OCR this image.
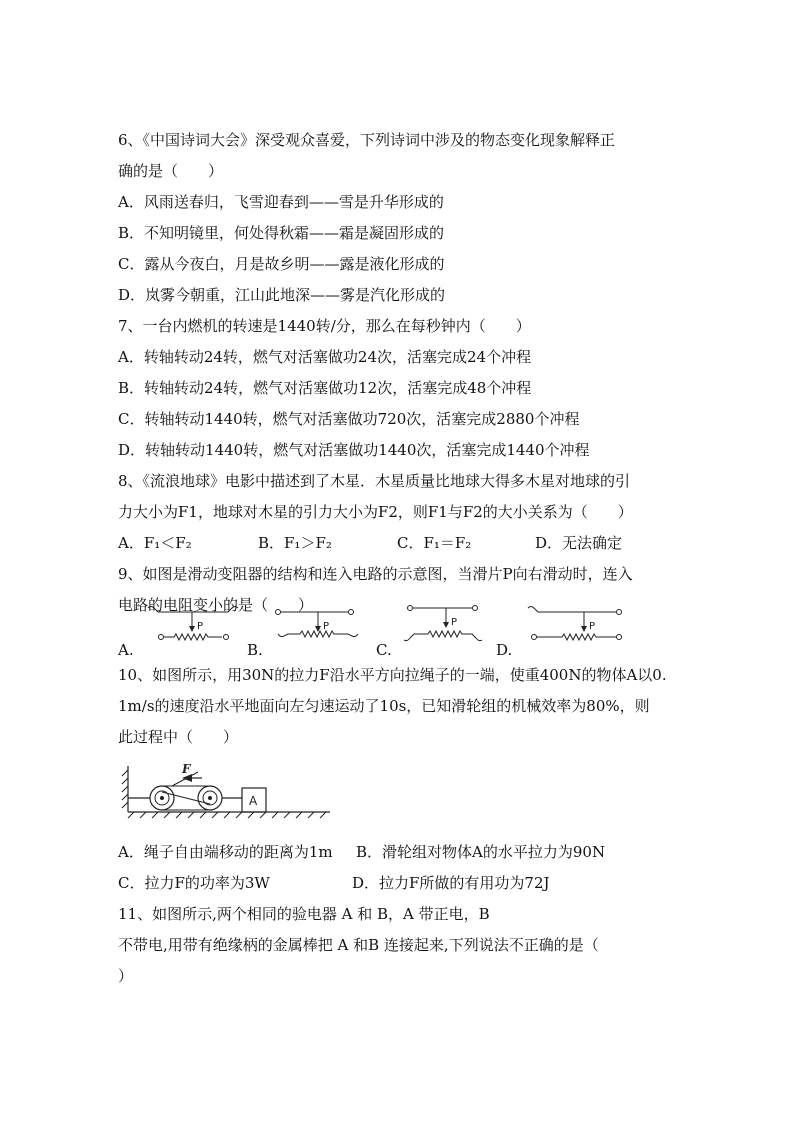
6、《中国诗词大会》深受观众喜爱，下列诗词中涉及的物态变化现象解释正
确的是（　　）
A．风雨送春归，飞雪迎春到——雪是升华形成的
B．不知明镜里，何处得秋霜——霜是凝固形成的
C．露从今夜白，月是故乡明——露是液化形成的
D．岚雾今朝重，江山此地深——雾是汽化形成的
7、一台内燃机的转速是1440转/分，那么在每秒钟内（　　）
A．转轴转动24转，燃气对活塞做功24次，活塞完成24个冲程
B．转轴转动24转，燃气对活塞做功12次，活塞完成48个冲程
C．转轴转动1440转，燃气对活塞做功720次，活塞完成2880个冲程
D．转轴转动1440转，燃气对活塞做功1440次，活塞完成1440个冲程
8、《流浪地球》电影中描述到了木星．木星质量比地球大得多木星对地球的引
力大小为F1，地球对木星的引力大小为F2，则F1与F2的大小关系为（　　）
A．F₁＜F₂	B．F₁＞F₂	C．F₁＝F₂	D．无法确定
9、如图是滑动变阻器的结构和连入电路的示意图，当滑片P向右滑动时，连入
电路的电阻变小的是（　　）
A.	B.	C.	D.
P	P	P	P
10、如图所示，用30N的拉力F沿水平方向拉绳子的一端，使重400N的物体A以0.
1m/s的速度沿水平地面向左匀速运动了10s，已知滑轮组的机械效率为80%，则
此过程中（　　）
F
A
A．绳子自由端移动的距离为1m B．滑轮组对物体A的水平拉力为90N
C．拉力F的功率为3W	D．拉力F所做的有用功为72J
11、如图所示,两个相同的验电器 A 和 B，A 带正电，B
不带电,用带有绝缘柄的金属棒把 A 和B 连接起来,下列说法不正确的是（
）
